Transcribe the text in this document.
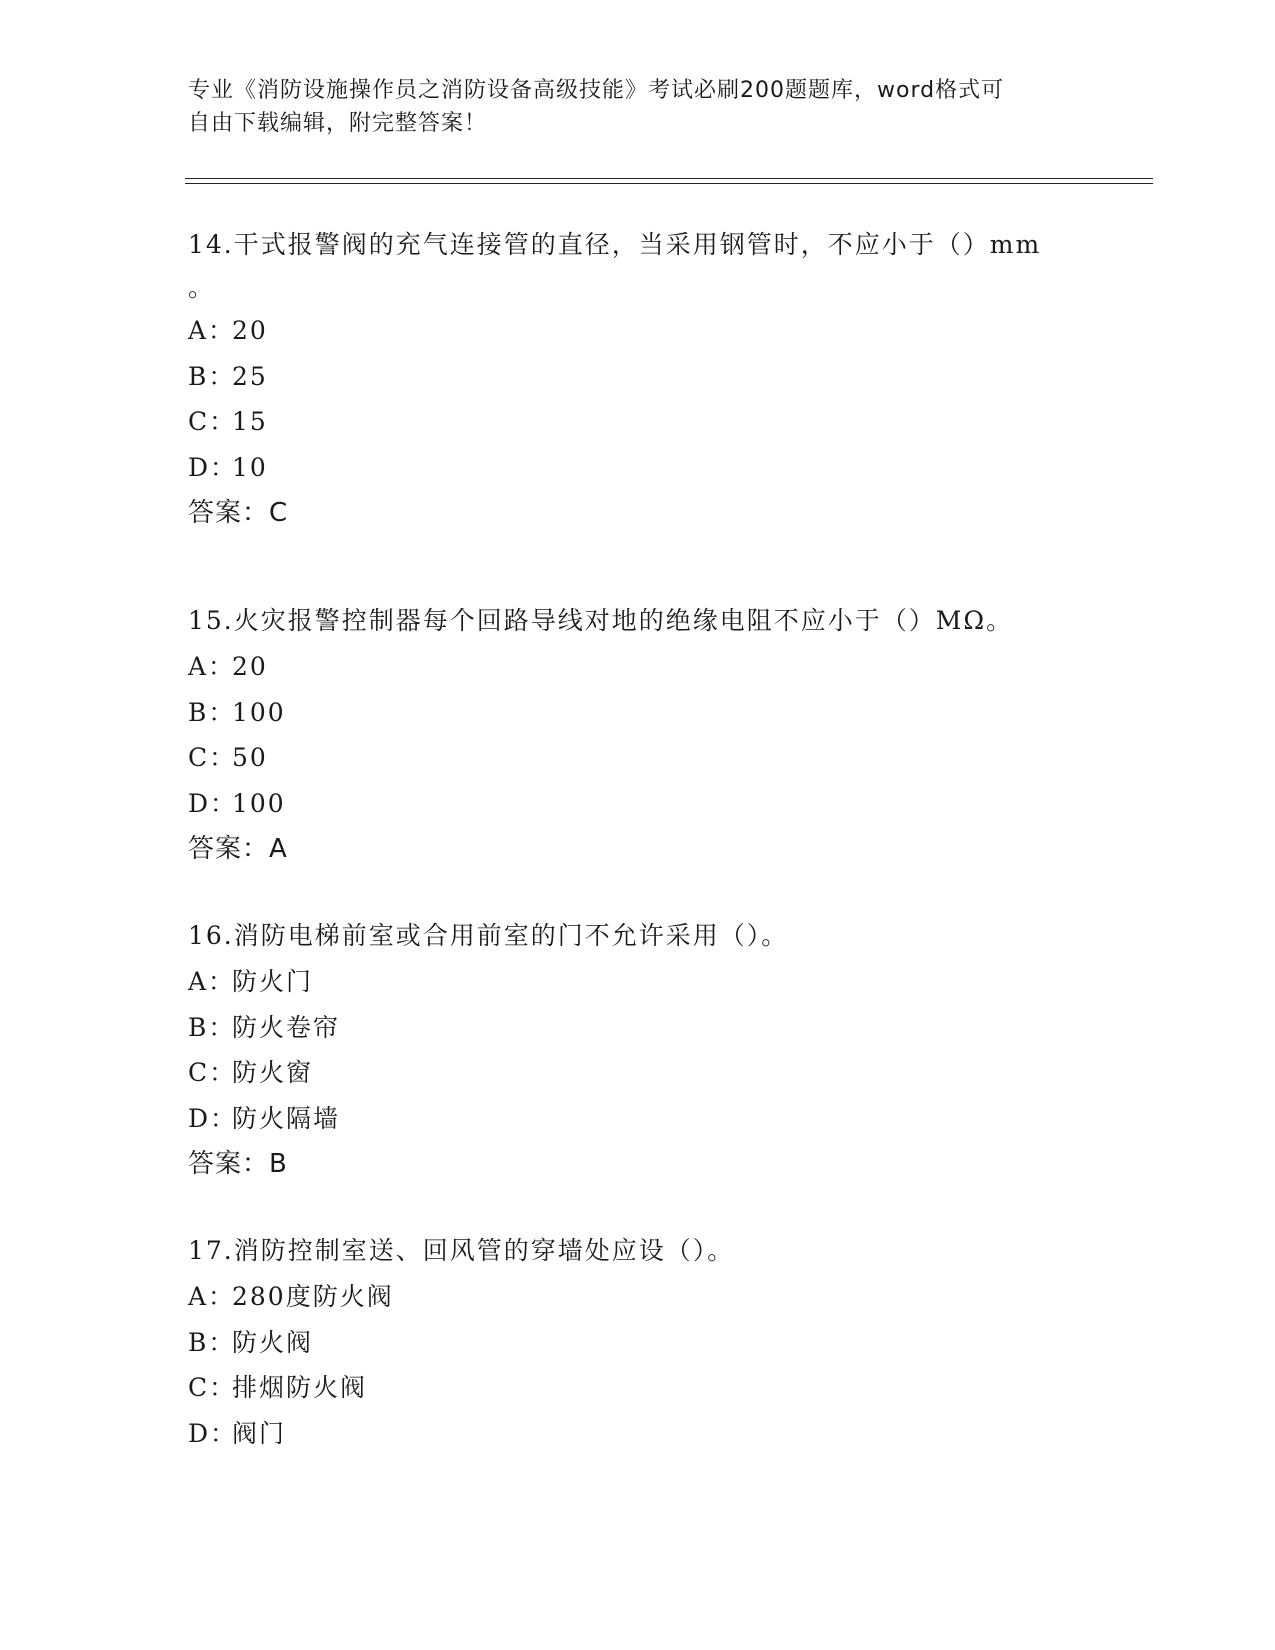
专业《消防设施操作员之消防设备高级技能》考试必刷200题题库，word格式可
自由下载编辑，附完整答案！
14.干式报警阀的充气连接管的直径，当采用钢管时，不应小于（）mm
。
A：20
B：25
C：15
D：10
答案：C
15.火灾报警控制器每个回路导线对地的绝缘电阻不应小于（）MΩ。
A：20
B：100
C：50
D：100
答案：A
16.消防电梯前室或合用前室的门不允许采用（）。
A：防火门
B：防火卷帘
C：防火窗
D：防火隔墙
答案：B
17.消防控制室送、回风管的穿墙处应设（）。
A：280度防火阀
B：防火阀
C：排烟防火阀
D：阀门
